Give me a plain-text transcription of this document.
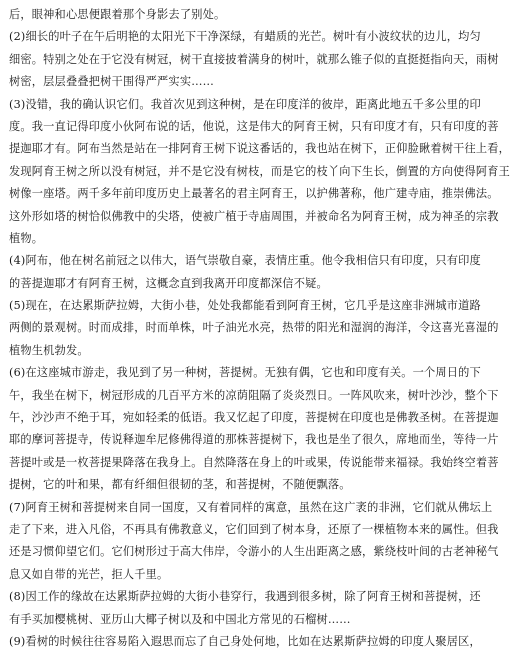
后，眼神和心思便跟着那个身影去了别处。
(2)细长的叶子在午后明艳的太阳光下干净深绿，有蜡质的光芒。树叶有小波纹状的边儿，均匀
细密。特别之处在于它没有树冠，树干直接披着满身的树叶，就那么锥子似的直挺挺指向天，雨树
树密，层层叠叠把树干围得严严实实……
(3)没错，我的确认识它们。我首次见到这种树，是在印度洋的彼岸，距离此地五千多公里的印
度。我一直记得印度小伙阿布说的话，他说，这是伟大的阿育王树，只有印度才有，只有印度的菩
提迦耶才有。阿布当然是站在一排阿育王树下说这番话的，我也站在树下，正仰脸瞅着树干往上看，
发现阿育王树之所以没有树冠，并不是它没有树枝，而是它的枝丫向下生长，倒置的方向使得阿育王
树像一座塔。两千多年前印度历史上最著名的君主阿育王，以护佛著称，他广建寺庙，推崇佛法。
这外形如塔的树恰似佛教中的尖塔，使被广植于寺庙周围，并被命名为阿育王树，成为神圣的宗教
植物。
(4)阿布，他在树名前冠之以伟大，语气崇敬自豪，表情庄重。他令我相信只有印度，只有印度
的菩提迦耶才有阿育王树，这概念直到我离开印度都深信不疑。
(5)现在，在达累斯萨拉姆，大街小巷，处处我都能看到阿育王树，它几乎是这座非洲城市道路
两侧的景观树。时而成排，时而单株，叶子油光水亮，热带的阳光和湿润的海洋，令这喜光喜湿的
植物生机勃发。
(6)在这座城市游走，我见到了另一种树，菩提树。无独有偶，它也和印度有关。一个周日的下
午，我坐在树下，树冠形成的几百平方米的凉荫阻隔了炎炎烈日。一阵风吹来，树叶沙沙，整个下
午，沙沙声不绝于耳，宛如轻柔的低语。我又忆起了印度，菩提树在印度也是佛教圣树。在菩提迦
耶的摩诃菩提寺，传说释迦牟尼修佛得道的那株菩提树下，我也是坐了很久，席地而坐，等待一片
菩提叶或是一枚菩提果降落在我身上。自然降落在身上的叶或果，传说能带来福禄。我始终空着菩
提树，它的叶和果，都有纤细但很韧的茎，和菩提树，不随便飘落。
(7)阿育王树和菩提树来自同一国度，又有着同样的寓意，虽然在这广袤的非洲，它们就从佛坛上
走了下来，进入凡俗，不再具有佛教意义，它们回到了树本身，还原了一棵植物本来的属性。但我
还是习惯仰望它们。它们树形过于高大伟岸，令游小的人生出距离之感，紫绕枝叶间的古老神秘气
息又如自带的光芒，拒人千里。
(8)因工作的缘故在达累斯萨拉姆的大街小巷穿行，我遇到很多树，除了阿育王树和菩提树，还
有手买加樱桃树、亚历山大椰子树以及和中国北方常见的石榴树……
(9)看树的时候往往容易陷入遐思而忘了自己身处何地，比如在达累斯萨拉姆的印度人聚居区，
